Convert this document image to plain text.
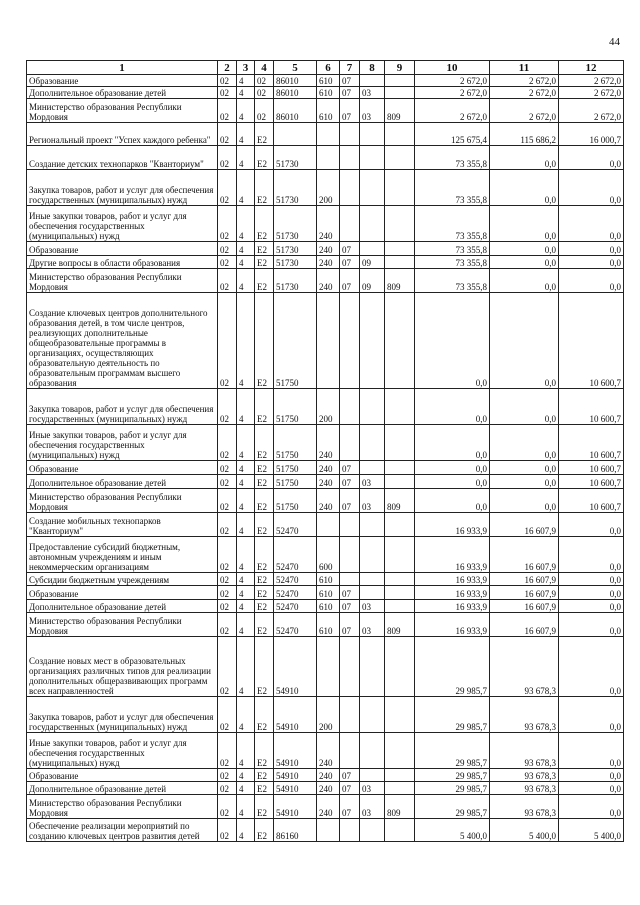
44
1	2	3	4	5	6	7	8	9	10	11	12
Образование	02	4	02	86010	610	07			2 672,0	2 672,0	2 672,0
Дополнительное образование детей	02	4	02	86010	610	07	03		2 672,0	2 672,0	2 672,0
Министерство образования Республики Мордовия	02	4	02	86010	610	07	03	809	2 672,0	2 672,0	2 672,0
Региональный проект "Успех каждого ребенка"	02	4	E2						125 675,4	115 686,2	16 000,7
Создание детских технопарков "Кванториум"	02	4	E2	51730					73 355,8	0,0	0,0
Закупка товаров, работ и услуг для обеспечения государственных (муниципальных) нужд	02	4	E2	51730	200				73 355,8	0,0	0,0
Иные закупки товаров, работ и услуг для обеспечения государственных (муниципальных) нужд	02	4	E2	51730	240				73 355,8	0,0	0,0
Образование	02	4	E2	51730	240	07			73 355,8	0,0	0,0
Другие вопросы в области образования	02	4	E2	51730	240	07	09		73 355,8	0,0	0,0
Министерство образования Республики Мордовия	02	4	E2	51730	240	07	09	809	73 355,8	0,0	0,0
Создание ключевых центров дополнительного образования детей, в том числе центров, реализующих дополнительные общеобразовательные программы в организациях, осуществляющих образовательную деятельность по образовательным программам высшего образования	02	4	E2	51750					0,0	0,0	10 600,7
Закупка товаров, работ и услуг для обеспечения государственных (муниципальных) нужд	02	4	E2	51750	200				0,0	0,0	10 600,7
Иные закупки товаров, работ и услуг для обеспечения государственных (муниципальных) нужд	02	4	E2	51750	240				0,0	0,0	10 600,7
Образование	02	4	E2	51750	240	07			0,0	0,0	10 600,7
Дополнительное образование детей	02	4	E2	51750	240	07	03		0,0	0,0	10 600,7
Министерство образования Республики Мордовия	02	4	E2	51750	240	07	03	809	0,0	0,0	10 600,7
Создание мобильных технопарков "Кванториум"	02	4	E2	52470					16 933,9	16 607,9	0,0
Предоставление субсидий бюджетным, автономным учреждениям и иным некоммерческим организациям	02	4	E2	52470	600				16 933,9	16 607,9	0,0
Субсидии бюджетным учреждениям	02	4	E2	52470	610				16 933,9	16 607,9	0,0
Образование	02	4	E2	52470	610	07			16 933,9	16 607,9	0,0
Дополнительное образование детей	02	4	E2	52470	610	07	03		16 933,9	16 607,9	0,0
Министерство образования Республики Мордовия	02	4	E2	52470	610	07	03	809	16 933,9	16 607,9	0,0
Создание новых мест в образовательных организациях различных типов для реализации дополнительных общеразвивающих программ всех направленностей	02	4	E2	54910					29 985,7	93 678,3	0,0
Закупка товаров, работ и услуг для обеспечения государственных (муниципальных) нужд	02	4	E2	54910	200				29 985,7	93 678,3	0,0
Иные закупки товаров, работ и услуг для обеспечения государственных (муниципальных) нужд	02	4	E2	54910	240				29 985,7	93 678,3	0,0
Образование	02	4	E2	54910	240	07			29 985,7	93 678,3	0,0
Дополнительное образование детей	02	4	E2	54910	240	07	03		29 985,7	93 678,3	0,0
Министерство образования Республики Мордовия	02	4	E2	54910	240	07	03	809	29 985,7	93 678,3	0,0
Обеспечение реализации мероприятий по созданию ключевых центров развития детей	02	4	E2	86160					5 400,0	5 400,0	5 400,0
